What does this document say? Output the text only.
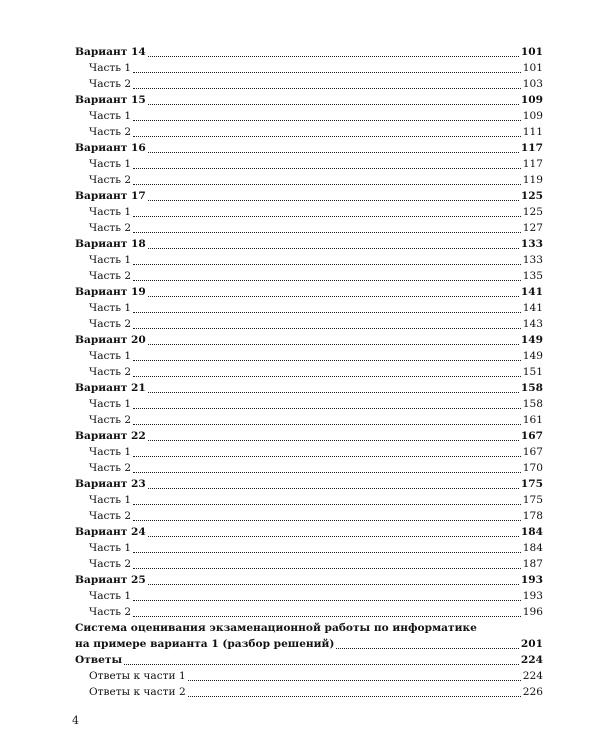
Вариант 14	101
Часть 1	101
Часть 2	103
Вариант 15	109
Часть 1	109
Часть 2	111
Вариант 16	117
Часть 1	117
Часть 2	119
Вариант 17	125
Часть 1	125
Часть 2	127
Вариант 18	133
Часть 1	133
Часть 2	135
Вариант 19	141
Часть 1	141
Часть 2	143
Вариант 20	149
Часть 1	149
Часть 2	151
Вариант 21	158
Часть 1	158
Часть 2	161
Вариант 22	167
Часть 1	167
Часть 2	170
Вариант 23	175
Часть 1	175
Часть 2	178
Вариант 24	184
Часть 1	184
Часть 2	187
Вариант 25	193
Часть 1	193
Часть 2	196
Система оценивания экзаменационной работы по информатике
на примере варианта 1 (разбор решений)	201
Ответы	224
Ответы к части 1	224
Ответы к части 2	226
4
